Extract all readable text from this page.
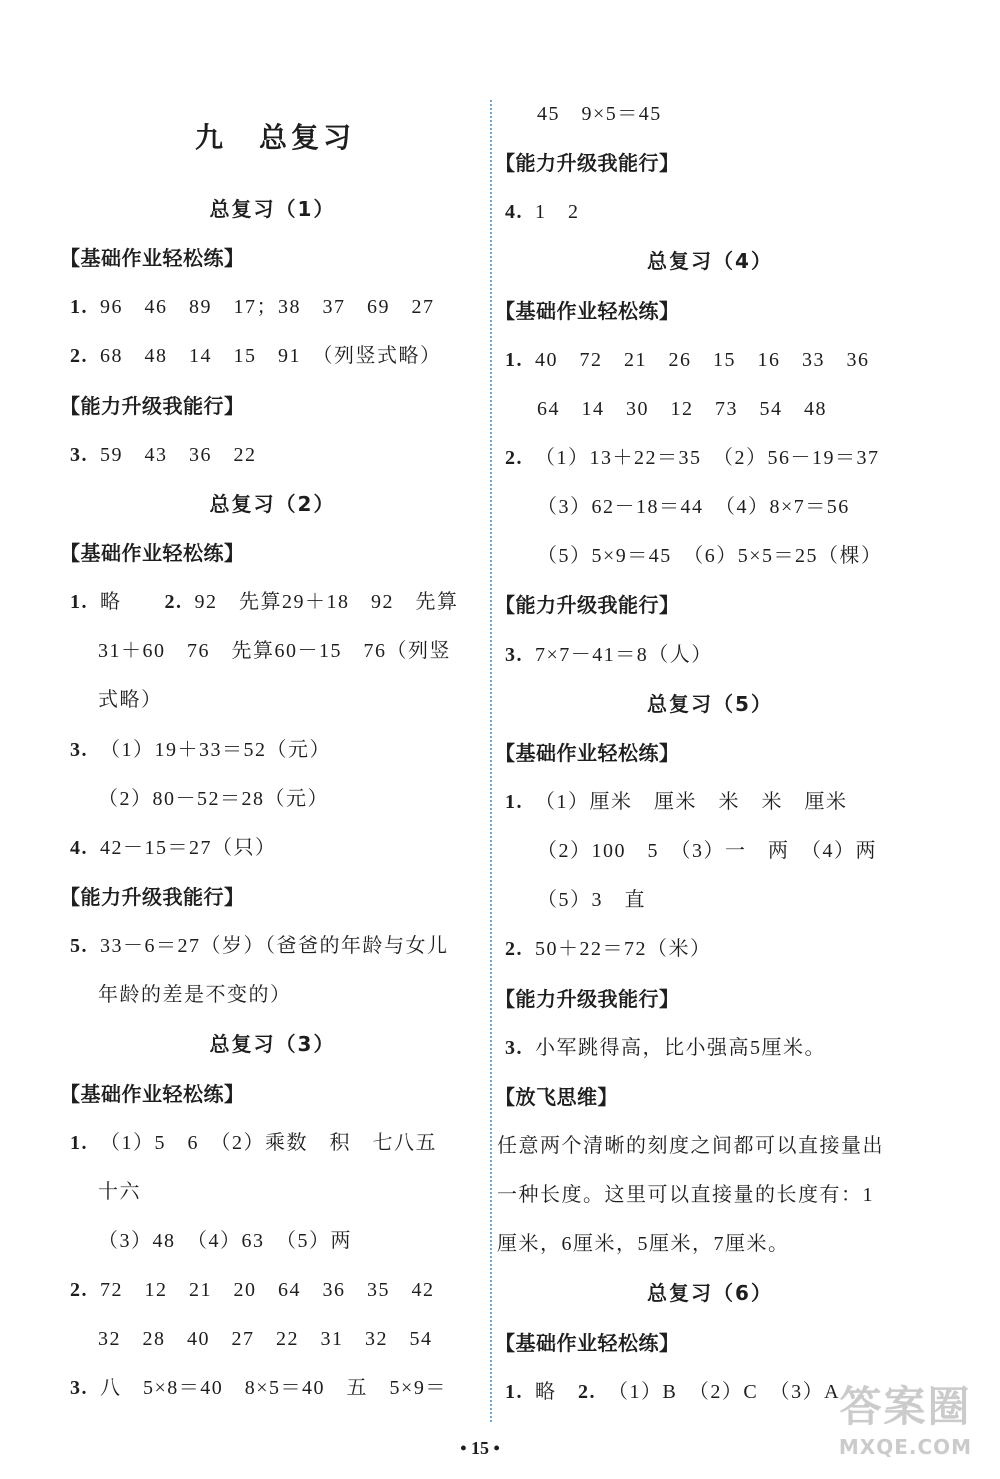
九　总复习
总复习（1）
【基础作业轻松练】
1. 96　46　89　17；38　37　69　27
2. 68　48　14　15　91　（列竖式略）
【能力升级我能行】
3. 59　43　36　22
总复习（2）
【基础作业轻松练】
1. 略　　2. 92　先算29＋18　92　先算
31＋60　76　先算60－15　76（列竖
式略）
3. （1）19＋33＝52（元）
（2）80－52＝28（元）
4. 42－15＝27（只）
【能力升级我能行】
5. 33－6＝27（岁）（爸爸的年龄与女儿
年龄的差是不变的）
总复习（3）
【基础作业轻松练】
1. （1）5　6　（2）乘数　积　七八五
十六
（3）48　（4）63　（5）两
2. 72　12　21　20　64　36　35　42
32　28　40　27　22　31　32　54
3. 八　5×8＝40　8×5＝40　五　5×9＝
45　9×5＝45
【能力升级我能行】
4. 1　2
总复习（4）
【基础作业轻松练】
1. 40　72　21　26　15　16　33　36
64　14　30　12　73　54　48
2. （1）13＋22＝35　（2）56－19＝37
（3）62－18＝44　（4）8×7＝56
（5）5×9＝45　（6）5×5＝25（棵）
【能力升级我能行】
3. 7×7－41＝8（人）
总复习（5）
【基础作业轻松练】
1. （1）厘米　厘米　米　米　厘米
（2）100　5　（3）一　两　（4）两
（5）3　直
2. 50＋22＝72（米）
【能力升级我能行】
3. 小军跳得高，比小强高5厘米。
【放飞思维】
任意两个清晰的刻度之间都可以直接量出
一种长度。这里可以直接量的长度有：1
厘米，6厘米，5厘米，7厘米。
总复习（6）
【基础作业轻松练】
1. 略　2. （1）B　（2）C　（3）A
• 15 •
答案圈
MXQE.COM
